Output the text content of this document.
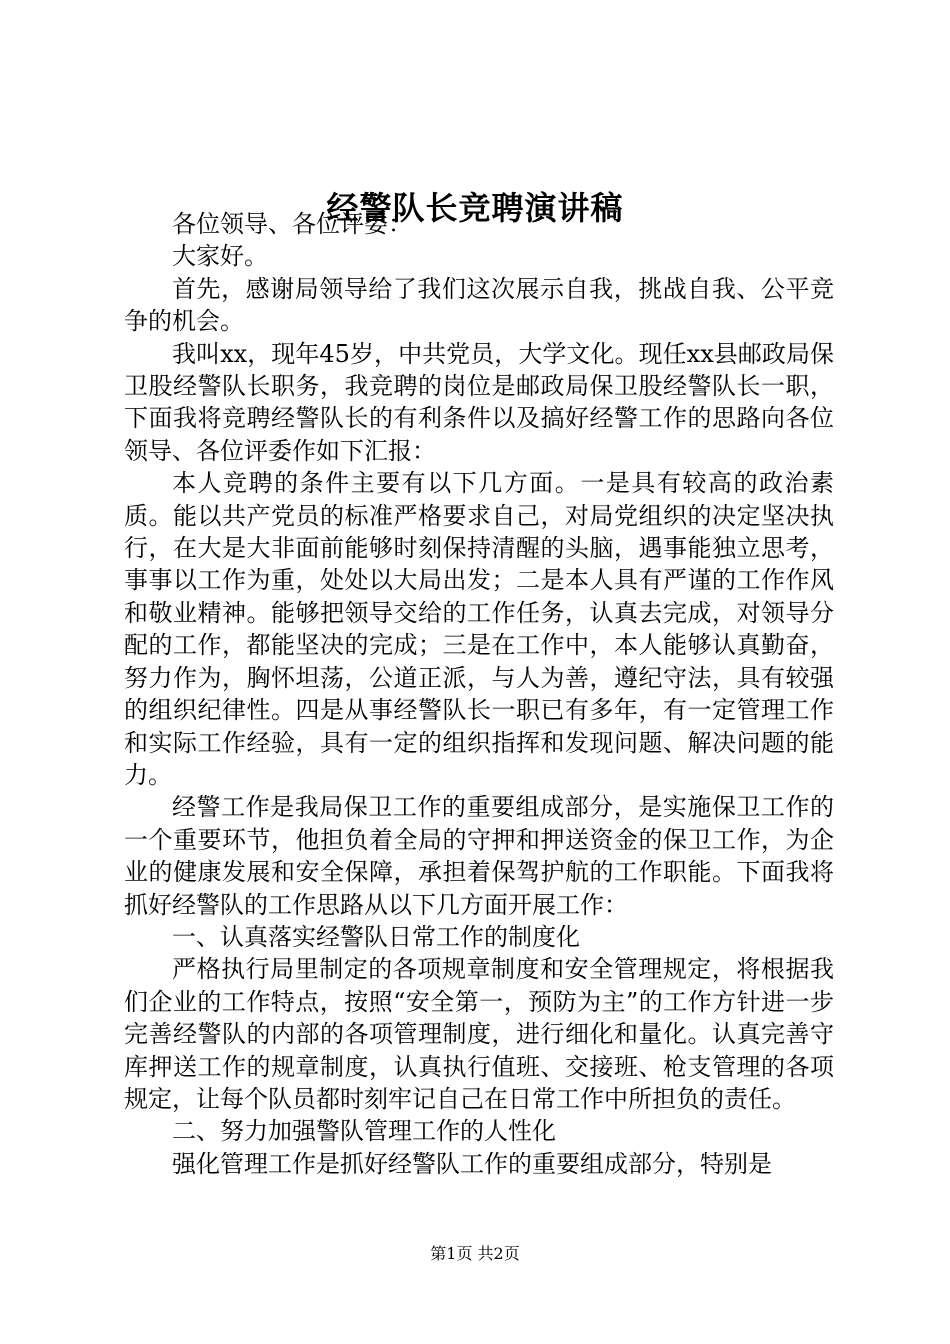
经警队长竞聘演讲稿

各位领导、各位评委：

大家好。

首先，感谢局领导给了我们这次展示自我，挑战自我、公平竞争的机会。

我叫xx，现年45岁，中共党员，大学文化。现任xx县邮政局保卫股经警队长职务，我竞聘的岗位是邮政局保卫股经警队长一职，下面我将竞聘经警队长的有利条件以及搞好经警工作的思路向各位领导、各位评委作如下汇报：

本人竞聘的条件主要有以下几方面。一是具有较高的政治素质。能以共产党员的标准严格要求自己，对局党组织的决定坚决执行，在大是大非面前能够时刻保持清醒的头脑，遇事能独立思考，事事以工作为重，处处以大局出发；二是本人具有严谨的工作作风和敬业精神。能够把领导交给的工作任务，认真去完成，对领导分配的工作，都能坚决的完成；三是在工作中，本人能够认真勤奋，努力作为，胸怀坦荡，公道正派，与人为善，遵纪守法，具有较强的组织纪律性。四是从事经警队长一职已有多年，有一定管理工作和实际工作经验，具有一定的组织指挥和发现问题、解决问题的能力。

经警工作是我局保卫工作的重要组成部分，是实施保卫工作的一个重要环节，他担负着全局的守押和押送资金的保卫工作，为企业的健康发展和安全保障，承担着保驾护航的工作职能。下面我将抓好经警队的工作思路从以下几方面开展工作：

一、认真落实经警队日常工作的制度化

严格执行局里制定的各项规章制度和安全管理规定，将根据我们企业的工作特点，按照“安全第一，预防为主”的工作方针进一步完善经警队的内部的各项管理制度，进行细化和量化。认真完善守库押送工作的规章制度，认真执行值班、交接班、枪支管理的各项规定，让每个队员都时刻牢记自己在日常工作中所担负的责任。

二、努力加强警队管理工作的人性化

强化管理工作是抓好经警队工作的重要组成部分，特别是

第1页 共2页
